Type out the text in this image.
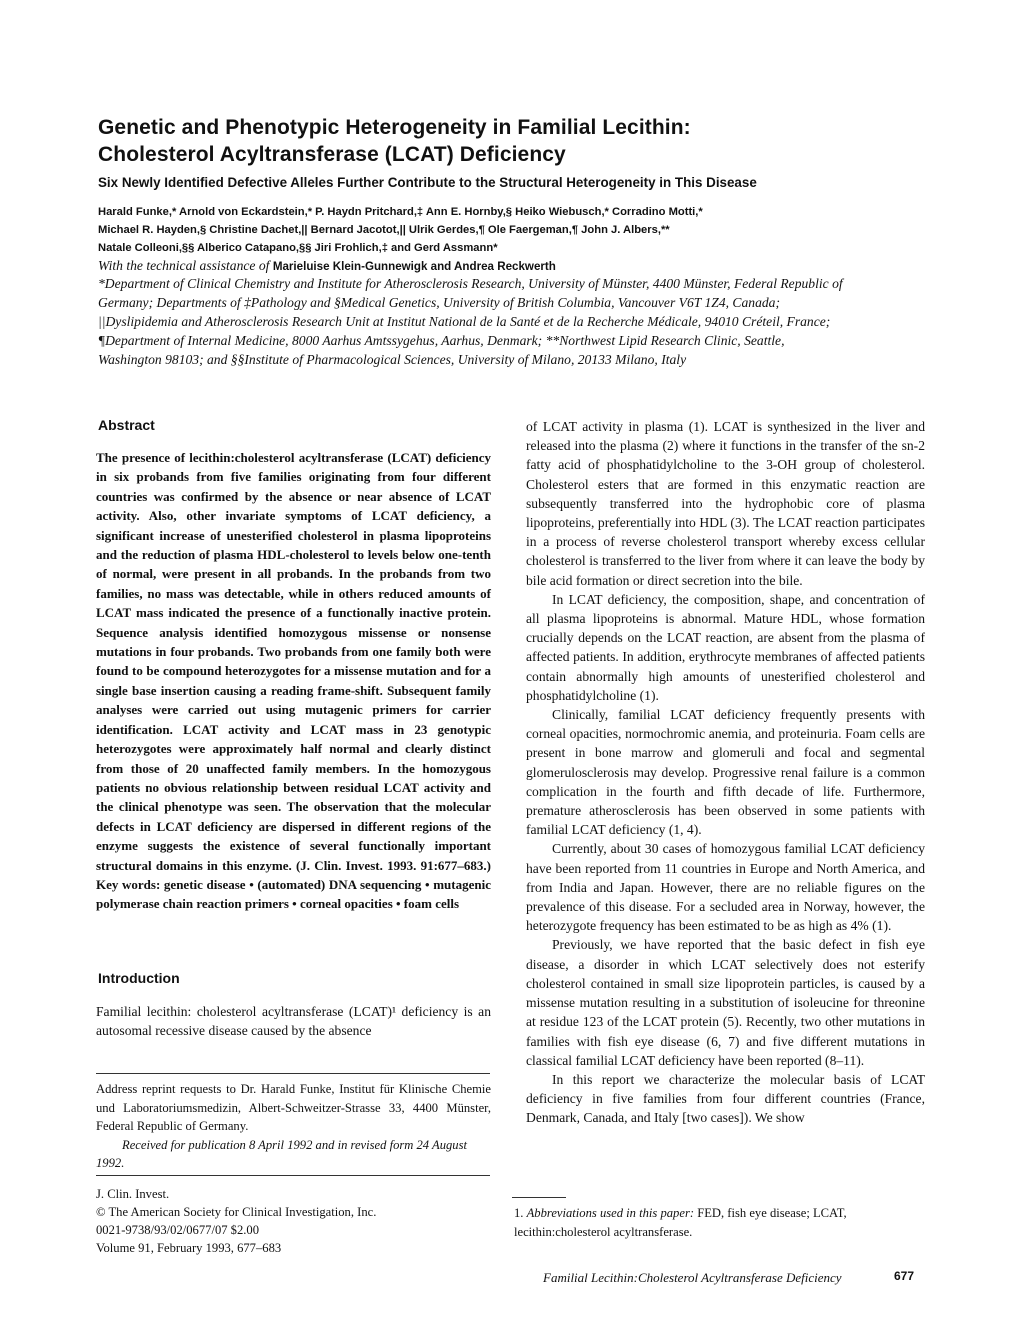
Genetic and Phenotypic Heterogeneity in Familial Lecithin:
Cholesterol Acyltransferase (LCAT) Deficiency
Six Newly Identified Defective Alleles Further Contribute to the Structural Heterogeneity in This Disease
Harald Funke,* Arnold von Eckardstein,* P. Haydn Pritchard,‡ Ann E. Hornby,§ Heiko Wiebusch,* Corradino Motti,*
Michael R. Hayden,§ Christine Dachet,|| Bernard Jacotot,|| Ulrik Gerdes,¶ Ole Faergeman,¶ John J. Albers,**
Natale Colleoni,§§ Alberico Catapano,§§ Jiri Frohlich,‡ and Gerd Assmann*
With the technical assistance of Marieluise Klein-Gunnewigk and Andrea Reckwerth
*Department of Clinical Chemistry and Institute for Atherosclerosis Research, University of Münster, 4400 Münster, Federal Republic of
Germany; Departments of ‡Pathology and §Medical Genetics, University of British Columbia, Vancouver V6T 1Z4, Canada;
||Dyslipidemia and Atherosclerosis Research Unit at Institut National de la Santé et de la Recherche Médicale, 94010 Créteil, France;
¶Department of Internal Medicine, 8000 Aarhus Amtssygehus, Aarhus, Denmark; **Northwest Lipid Research Clinic, Seattle,
Washington 98103; and §§Institute of Pharmacological Sciences, University of Milano, 20133 Milano, Italy
Abstract

The presence of lecithin:cholesterol acyltransferase (LCAT) deficiency in six probands from five families originating from four different countries was confirmed by the absence or near absence of LCAT activity. Also, other invariate symptoms of LCAT deficiency, a significant increase of unesterified cholesterol in plasma lipoproteins and the reduction of plasma HDL-cholesterol to levels below one-tenth of normal, were present in all probands. In the probands from two families, no mass was detectable, while in others reduced amounts of LCAT mass indicated the presence of a functionally inactive protein. Sequence analysis identified homozygous missense or nonsense mutations in four probands. Two probands from one family both were found to be compound heterozygotes for a missense mutation and for a single base insertion causing a reading frame-shift. Subsequent family analyses were carried out using mutagenic primers for carrier identification. LCAT activity and LCAT mass in 23 genotypic heterozygotes were approximately half normal and clearly distinct from those of 20 unaffected family members. In the homozygous patients no obvious relationship between residual LCAT activity and the clinical phenotype was seen. The observation that the molecular defects in LCAT deficiency are dispersed in different regions of the enzyme suggests the existence of several functionally important structural domains in this enzyme. (J. Clin. Invest. 1993. 91:677–683.) Key words: genetic disease • (automated) DNA sequencing • mutagenic polymerase chain reaction primers • corneal opacities • foam cells

Introduction

Familial lecithin: cholesterol acyltransferase (LCAT)¹ deficiency is an autosomal recessive disease caused by the absence

Address reprint requests to Dr. Harald Funke, Institut für Klinische Chemie und Laboratoriumsmedizin, Albert-Schweitzer-Strasse 33, 4400 Münster, Federal Republic of Germany.

Received for publication 8 April 1992 and in revised form 24 August 1992.

J. Clin. Invest.
© The American Society for Clinical Investigation, Inc.
0021-9738/93/02/0677/07 $2.00
Volume 91, February 1993, 677–683

of LCAT activity in plasma (1). LCAT is synthesized in the liver and released into the plasma (2) where it functions in the transfer of the sn-2 fatty acid of phosphatidylcholine to the 3-OH group of cholesterol. Cholesterol esters that are formed in this enzymatic reaction are subsequently transferred into the hydrophobic core of plasma lipoproteins, preferentially into HDL (3). The LCAT reaction participates in a process of reverse cholesterol transport whereby excess cellular cholesterol is transferred to the liver from where it can leave the body by bile acid formation or direct secretion into the bile.

In LCAT deficiency, the composition, shape, and concentration of all plasma lipoproteins is abnormal. Mature HDL, whose formation crucially depends on the LCAT reaction, are absent from the plasma of affected patients. In addition, erythrocyte membranes of affected patients contain abnormally high amounts of unesterified cholesterol and phosphatidylcholine (1).

Clinically, familial LCAT deficiency frequently presents with corneal opacities, normochromic anemia, and proteinuria. Foam cells are present in bone marrow and glomeruli and focal and segmental glomerulosclerosis may develop. Progressive renal failure is a common complication in the fourth and fifth decade of life. Furthermore, premature atherosclerosis has been observed in some patients with familial LCAT deficiency (1, 4).

Currently, about 30 cases of homozygous familial LCAT deficiency have been reported from 11 countries in Europe and North America, and from India and Japan. However, there are no reliable figures on the prevalence of this disease. For a secluded area in Norway, however, the heterozygote frequency has been estimated to be as high as 4% (1).

Previously, we have reported that the basic defect in fish eye disease, a disorder in which LCAT selectively does not esterify cholesterol contained in small size lipoprotein particles, is caused by a missense mutation resulting in a substitution of isoleucine for threonine at residue 123 of the LCAT protein (5). Recently, two other mutations in families with fish eye disease (6, 7) and five different mutations in classical familial LCAT deficiency have been reported (8–11).

In this report we characterize the molecular basis of LCAT deficiency in five families from four different countries (France, Denmark, Canada, and Italy [two cases]). We show

1. Abbreviations used in this paper: FED, fish eye disease; LCAT, lecithin:cholesterol acyltransferase.

Familial Lecithin:Cholesterol Acyltransferase Deficiency	677
